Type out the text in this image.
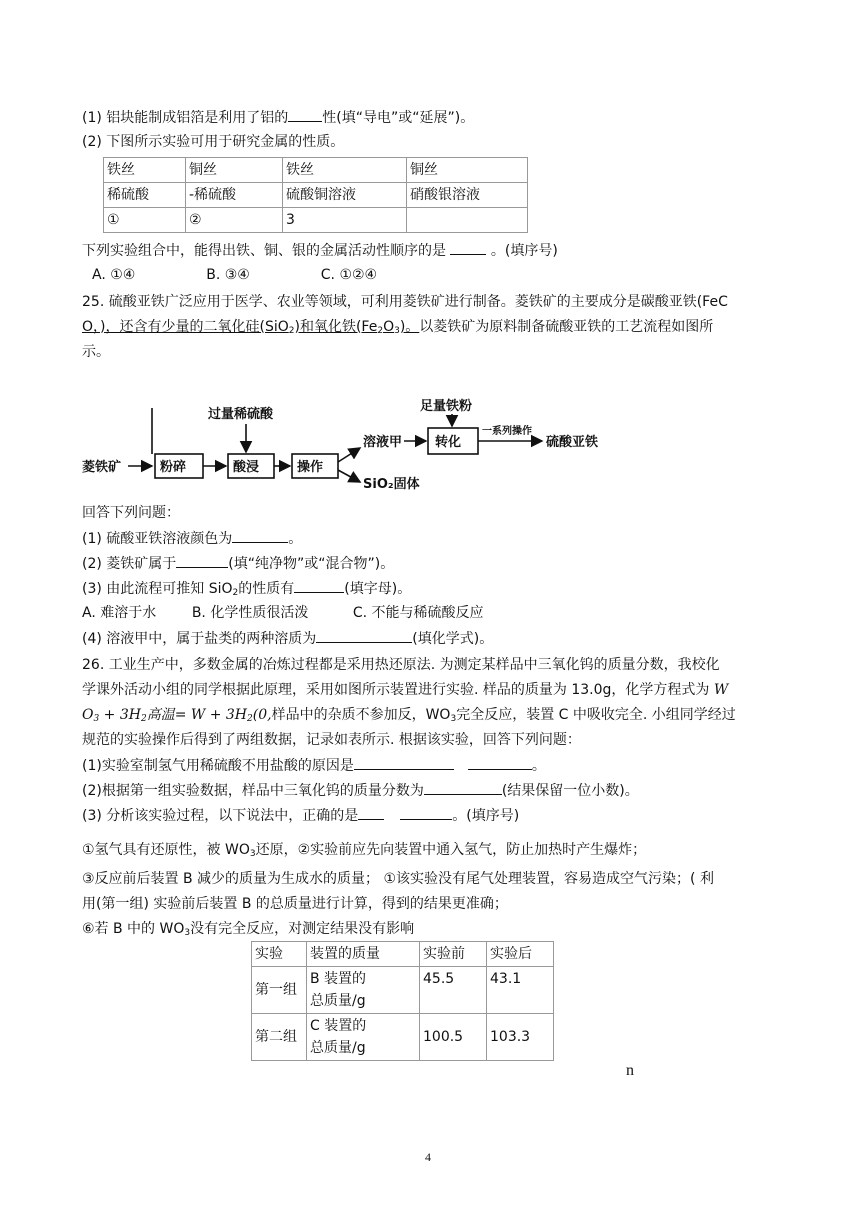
(1) 铝块能制成铝箔是利用了铝的 性(填“导电”或“延展”)。
(2) 下图所示实验可用于研究金属的性质。
铁丝	铜丝	铁丝	铜丝
稀硫酸	-稀硫酸	硫酸铜溶液	硝酸银溶液
①	②	3	
下列实验组合中，能得出铁、铜、银的金属活动性顺序的是	。(填序号)
A. ①④	B. ③④	C. ①②④
25. 硫酸亚铁广泛应用于医学、农业等领域，可利用菱铁矿进行制备。菱铁矿的主要成分是碳酸亚铁(FeC
O，)，还含有少量的二氧化硅(SiO$_2$)和氧化铁$(Fe_2O_3)$。以菱铁矿为原料制备硫酸亚铁的工艺流程如图所
示。
菱铁矿	粉碎	酸浸	操作
过量稀硫酸
溶液甲
SiO₂固体
足量铁粉
转化
一系列操作
硫酸亚铁
回答下列问题：
(1) 硫酸亚铁溶液颜色为	。
(2) 菱铁矿属于	(填“纯净物”或“混合物”)。
(3) 由此流程可推知 SiO$_2$的性质有	(填字母)。
A. 难溶于水        B. 化学性质很活泼          C. 不能与稀硫酸反应
(4) 溶液甲中，属于盐类的两种溶质为	(填化学式)。
26. 工业生产中，多数金属的冶炼过程都是采用热还原法. 为测定某样品中三氧化钨的质量分数，我校化
学课外活动小组的同学根据此原理，采用如图所示装置进行实验. 样品的质量为 13.0g，化学方程式为 W
$O_3 + 3H_2$高温= $W + 3H_2(0$,样品中的杂质不参加反，$WO_3$完全反应，装置 C 中吸收完全. 小组同学经过
规范的实验操作后得到了两组数据，记录如表所示. 根据该实验，回答下列问题：
(1)实验室制氢气用稀硫酸不用盐酸的原因是	。
(2)根据第一组实验数据，样品中三氧化钨的质量分数为	(结果保留一位小数)。
(3) 分析该实验过程，以下说法中，正确的是	。(填序号)
①氢气具有还原性，被 $WO_3$还原，②实验前应先向装置中通入氢气，防止加热时产生爆炸；
③反应前后装置 B 减少的质量为生成水的质量； ①该实验没有尾气处理装置，容易造成空气污染；( 利
用(第一组) 实验前后装置 B 的总质量进行计算，得到的结果更准确；
⑥若 B 中的 $WO_3$没有完全反应，对测定结果没有影响
实验	装置的质量	实验前	实验后
第一组	B 装置的
总质量/g	45.5	43.1
第二组	C 装置的
总质量/g	100.5	103.3
n
4
